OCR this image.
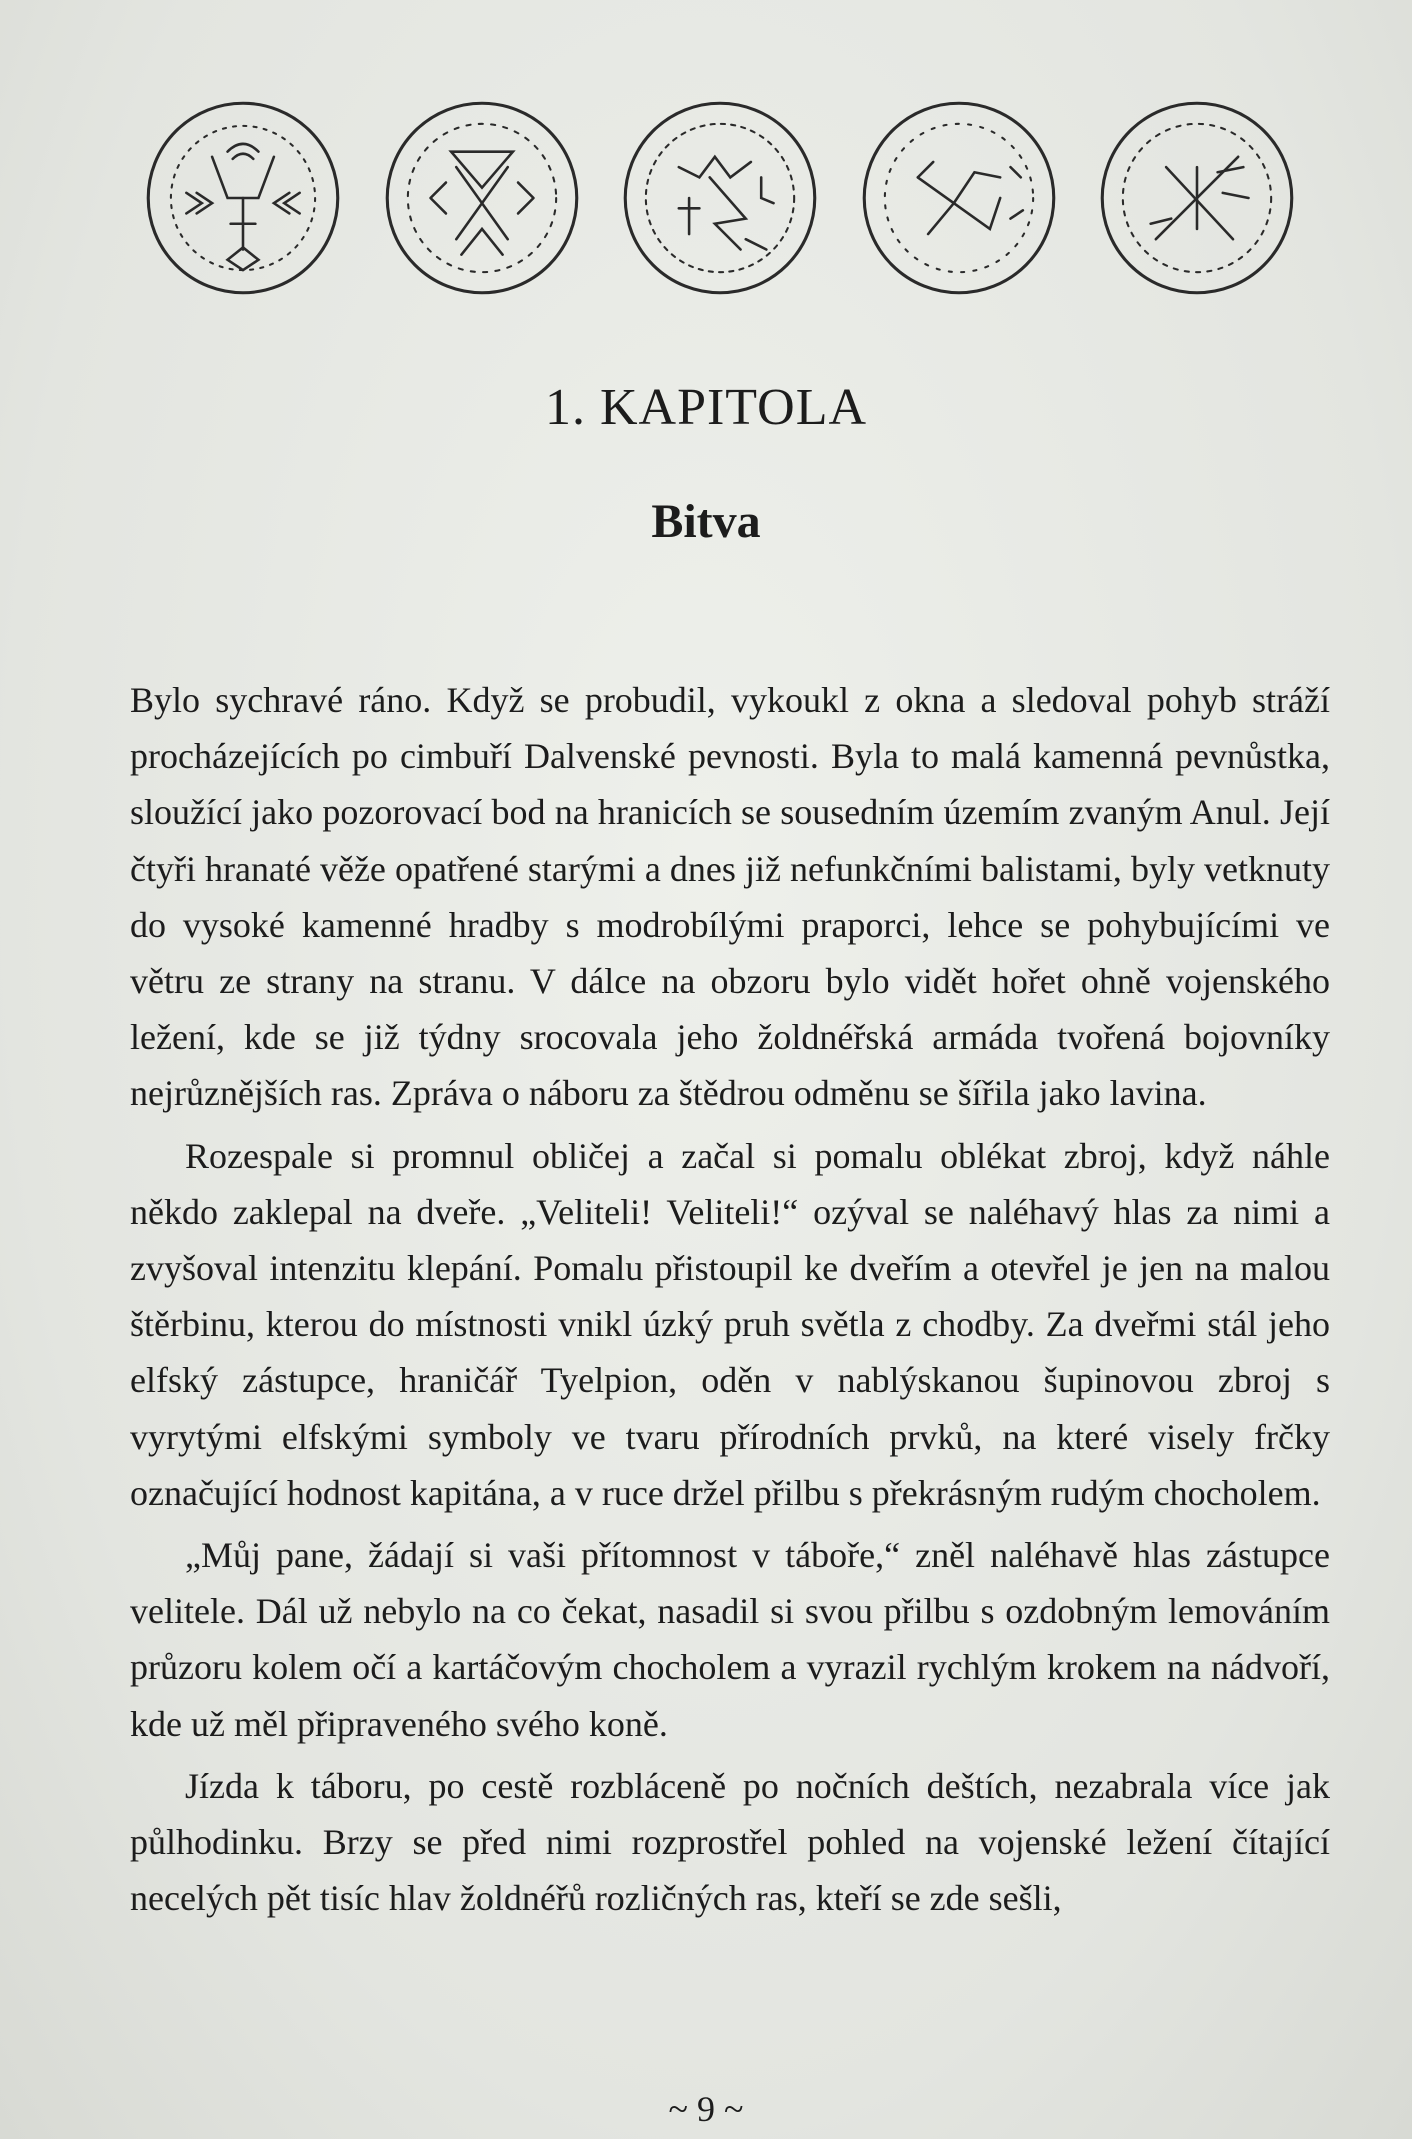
1. KAPITOLA
Bitva

Bylo sychravé ráno. Když se probudil, vykoukl z okna a sledoval pohyb stráží procházejících po cimbuří Dalvenské pevnosti. Byla to malá kamenná pevnůstka, sloužící jako pozorovací bod na hranicích se sousedním územím zvaným Anul. Její čtyři hranaté věže opatřené starými a dnes již nefunkčními balistami, byly vetknuty do vysoké kamenné hradby s modrobílými praporci, lehce se pohybujícími ve větru ze strany na stranu. V dálce na obzoru bylo vidět hořet ohně vojenského ležení, kde se již týdny srocovala jeho žoldnéřská armáda tvořená bojovníky nejrůznějších ras. Zpráva o náboru za štědrou odměnu se šířila jako lavina.

Rozespale si promnul obličej a začal si pomalu oblékat zbroj, když náhle někdo zaklepal na dveře. „Veliteli! Veliteli!“ ozýval se naléhavý hlas za nimi a zvyšoval intenzitu klepání. Pomalu přistoupil ke dveřím a otevřel je jen na malou štěrbinu, kterou do místnosti vnikl úzký pruh světla z chodby. Za dveřmi stál jeho elfský zástupce, hraničář Tyelpion, oděn v nablýskanou šupinovou zbroj s vyrytými elfskými symboly ve tvaru přírodních prvků, na které visely frčky označující hodnost kapitána, a v ruce držel přilbu s překrásným rudým chocholem.

„Můj pane, žádají si vaši přítomnost v táboře,“ zněl naléhavě hlas zástupce velitele. Dál už nebylo na co čekat, nasadil si svou přilbu s ozdobným lemováním průzoru kolem očí a kartáčovým chocholem a vyrazil rychlým krokem na nádvoří, kde už měl připraveného svého koně.

Jízda k táboru, po cestě rozbláceně po nočních deštích, nezabrala více jak půlhodinku. Brzy se před nimi rozprostřel pohled na vojenské ležení čítající necelých pět tisíc hlav žoldnéřů rozličných ras, kteří se zde sešli,

~ 9 ~
